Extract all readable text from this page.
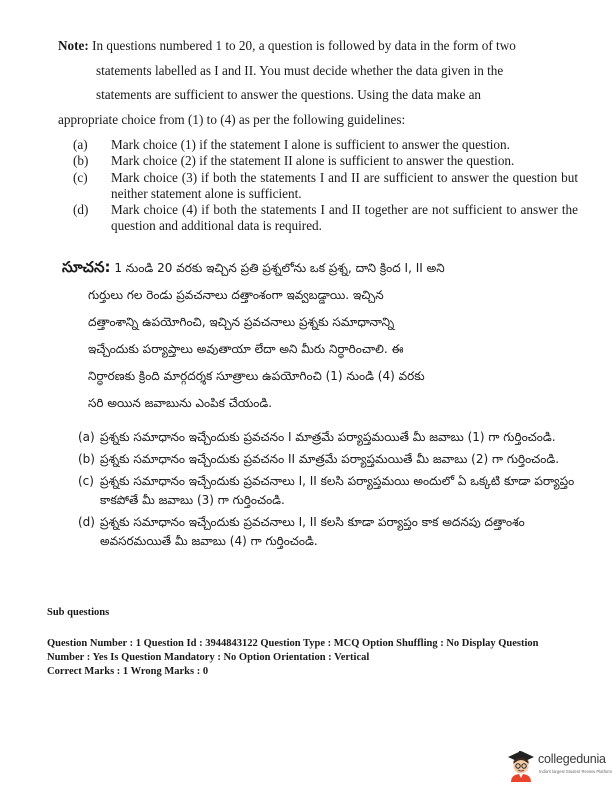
Note: In questions numbered 1 to 20, a question is followed by data in the form of two
statements labelled as I and II. You must decide whether the data given in the
statements are sufficient to answer the questions. Using the data make an
appropriate choice from (1) to (4) as per the following guidelines:
(a)	Mark choice (1) if the statement I alone is sufficient to answer the question.
(b)	Mark choice (2) if the statement II alone is sufficient to answer the question.
(c)	Mark choice (3) if both the statements I and II are sufficient to answer the question but neither statement alone is sufficient.
(d)	Mark choice (4) if both the statements I and II together are not sufficient to answer the question and additional data is required.
సూచన: 1 నుండి 20 వరకు ఇచ్చిన ప్రతి ప్రశ్నలోను ఒక ప్రశ్న, దాని క్రింద I, II అని
గుర్తులు గల రెండు ప్రవచనాలు దత్తాంశంగా ఇవ్వబడ్డాయి. ఇచ్చిన
దత్తాంశాన్ని ఉపయోగించి, ఇచ్చిన ప్రవచనాలు ప్రశ్నకు సమాధానాన్ని
ఇచ్చేందుకు పర్యాప్తాలు అవుతాయా లేదా అని మీరు నిర్ధారించాలి. ఈ
నిర్ధారణకు క్రింది మార్గదర్శక సూత్రాలు ఉపయోగించి (1) నుండి (4) వరకు
సరి అయిన జవాబును ఎంపిక చేయండి.
(a) ప్రశ్నకు సమాధానం ఇచ్చేందుకు ప్రవచనం I మాత్రమే పర్యాప్తమయితే మీ జవాబు (1) గా గుర్తించండి.
(b) ప్రశ్నకు సమాధానం ఇచ్చేందుకు ప్రవచనం II మాత్రమే పర్యాప్తమయితే మీ జవాబు (2) గా గుర్తించండి.
(c) ప్రశ్నకు సమాధానం ఇచ్చేందుకు ప్రవచనాలు I, II కలసి పర్యాప్తమయి అందులో ఏ ఒక్కటి కూడా పర్యాప్తం కాకపోతే మీ జవాబు (3) గా గుర్తించండి.
(d) ప్రశ్నకు సమాధానం ఇచ్చేందుకు ప్రవచనాలు I, II కలసి కూడా పర్యాప్తం కాక అదనపు దత్తాంశం అవసరమయితే మీ జవాబు (4) గా గుర్తించండి.
Sub questions
Question Number : 1 Question Id : 3944843122 Question Type : MCQ Option Shuffling : No Display Question
Number : Yes Is Question Mandatory : No Option Orientation : Vertical
Correct Marks : 1 Wrong Marks : 0
collegedunia
India's largest Student Review Platform
